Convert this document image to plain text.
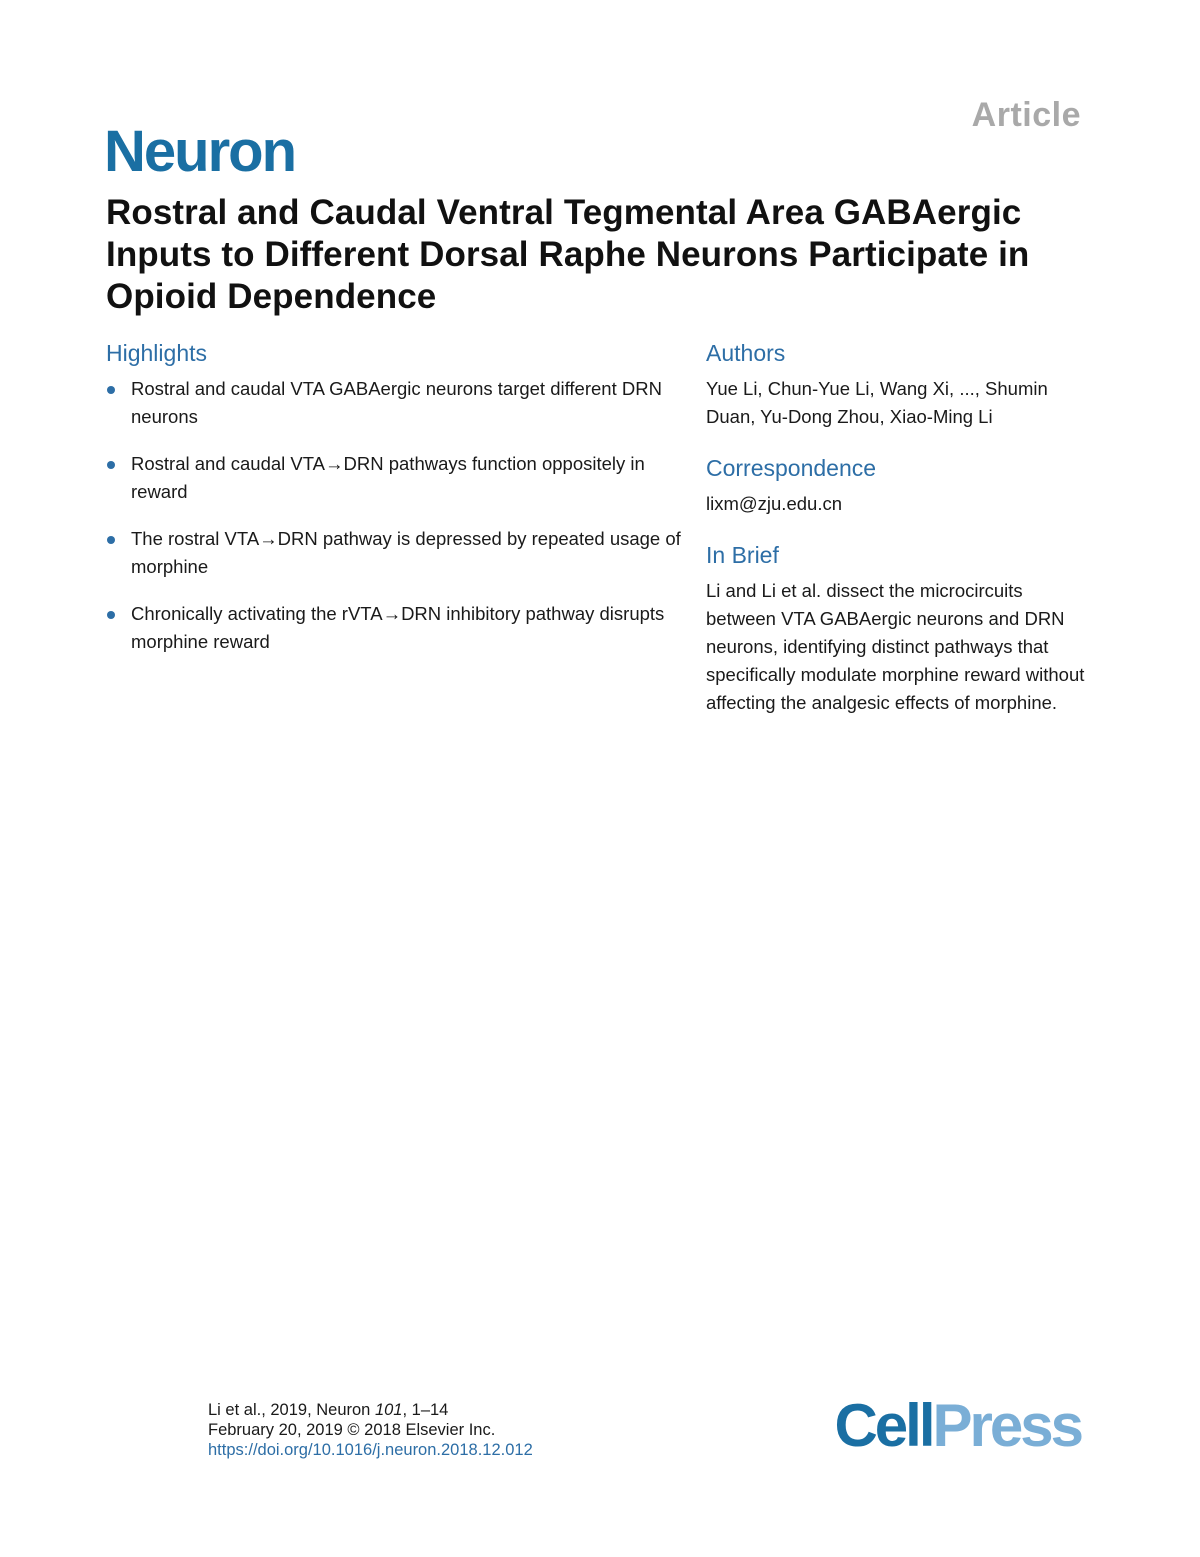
Article
Neuron
Rostral and Caudal Ventral Tegmental Area GABAergic Inputs to Different Dorsal Raphe Neurons Participate in Opioid Dependence
Highlights
Rostral and caudal VTA GABAergic neurons target different DRN neurons
Rostral and caudal VTA→DRN pathways function oppositely in reward
The rostral VTA→DRN pathway is depressed by repeated usage of morphine
Chronically activating the rVTA→DRN inhibitory pathway disrupts morphine reward
Authors
Yue Li, Chun-Yue Li, Wang Xi, ..., Shumin Duan, Yu-Dong Zhou, Xiao-Ming Li
Correspondence
lixm@zju.edu.cn
In Brief
Li and Li et al. dissect the microcircuits between VTA GABAergic neurons and DRN neurons, identifying distinct pathways that specifically modulate morphine reward without affecting the analgesic effects of morphine.
Li et al., 2019, Neuron 101, 1–14
February 20, 2019 © 2018 Elsevier Inc.
https://doi.org/10.1016/j.neuron.2018.12.012	CellPress
